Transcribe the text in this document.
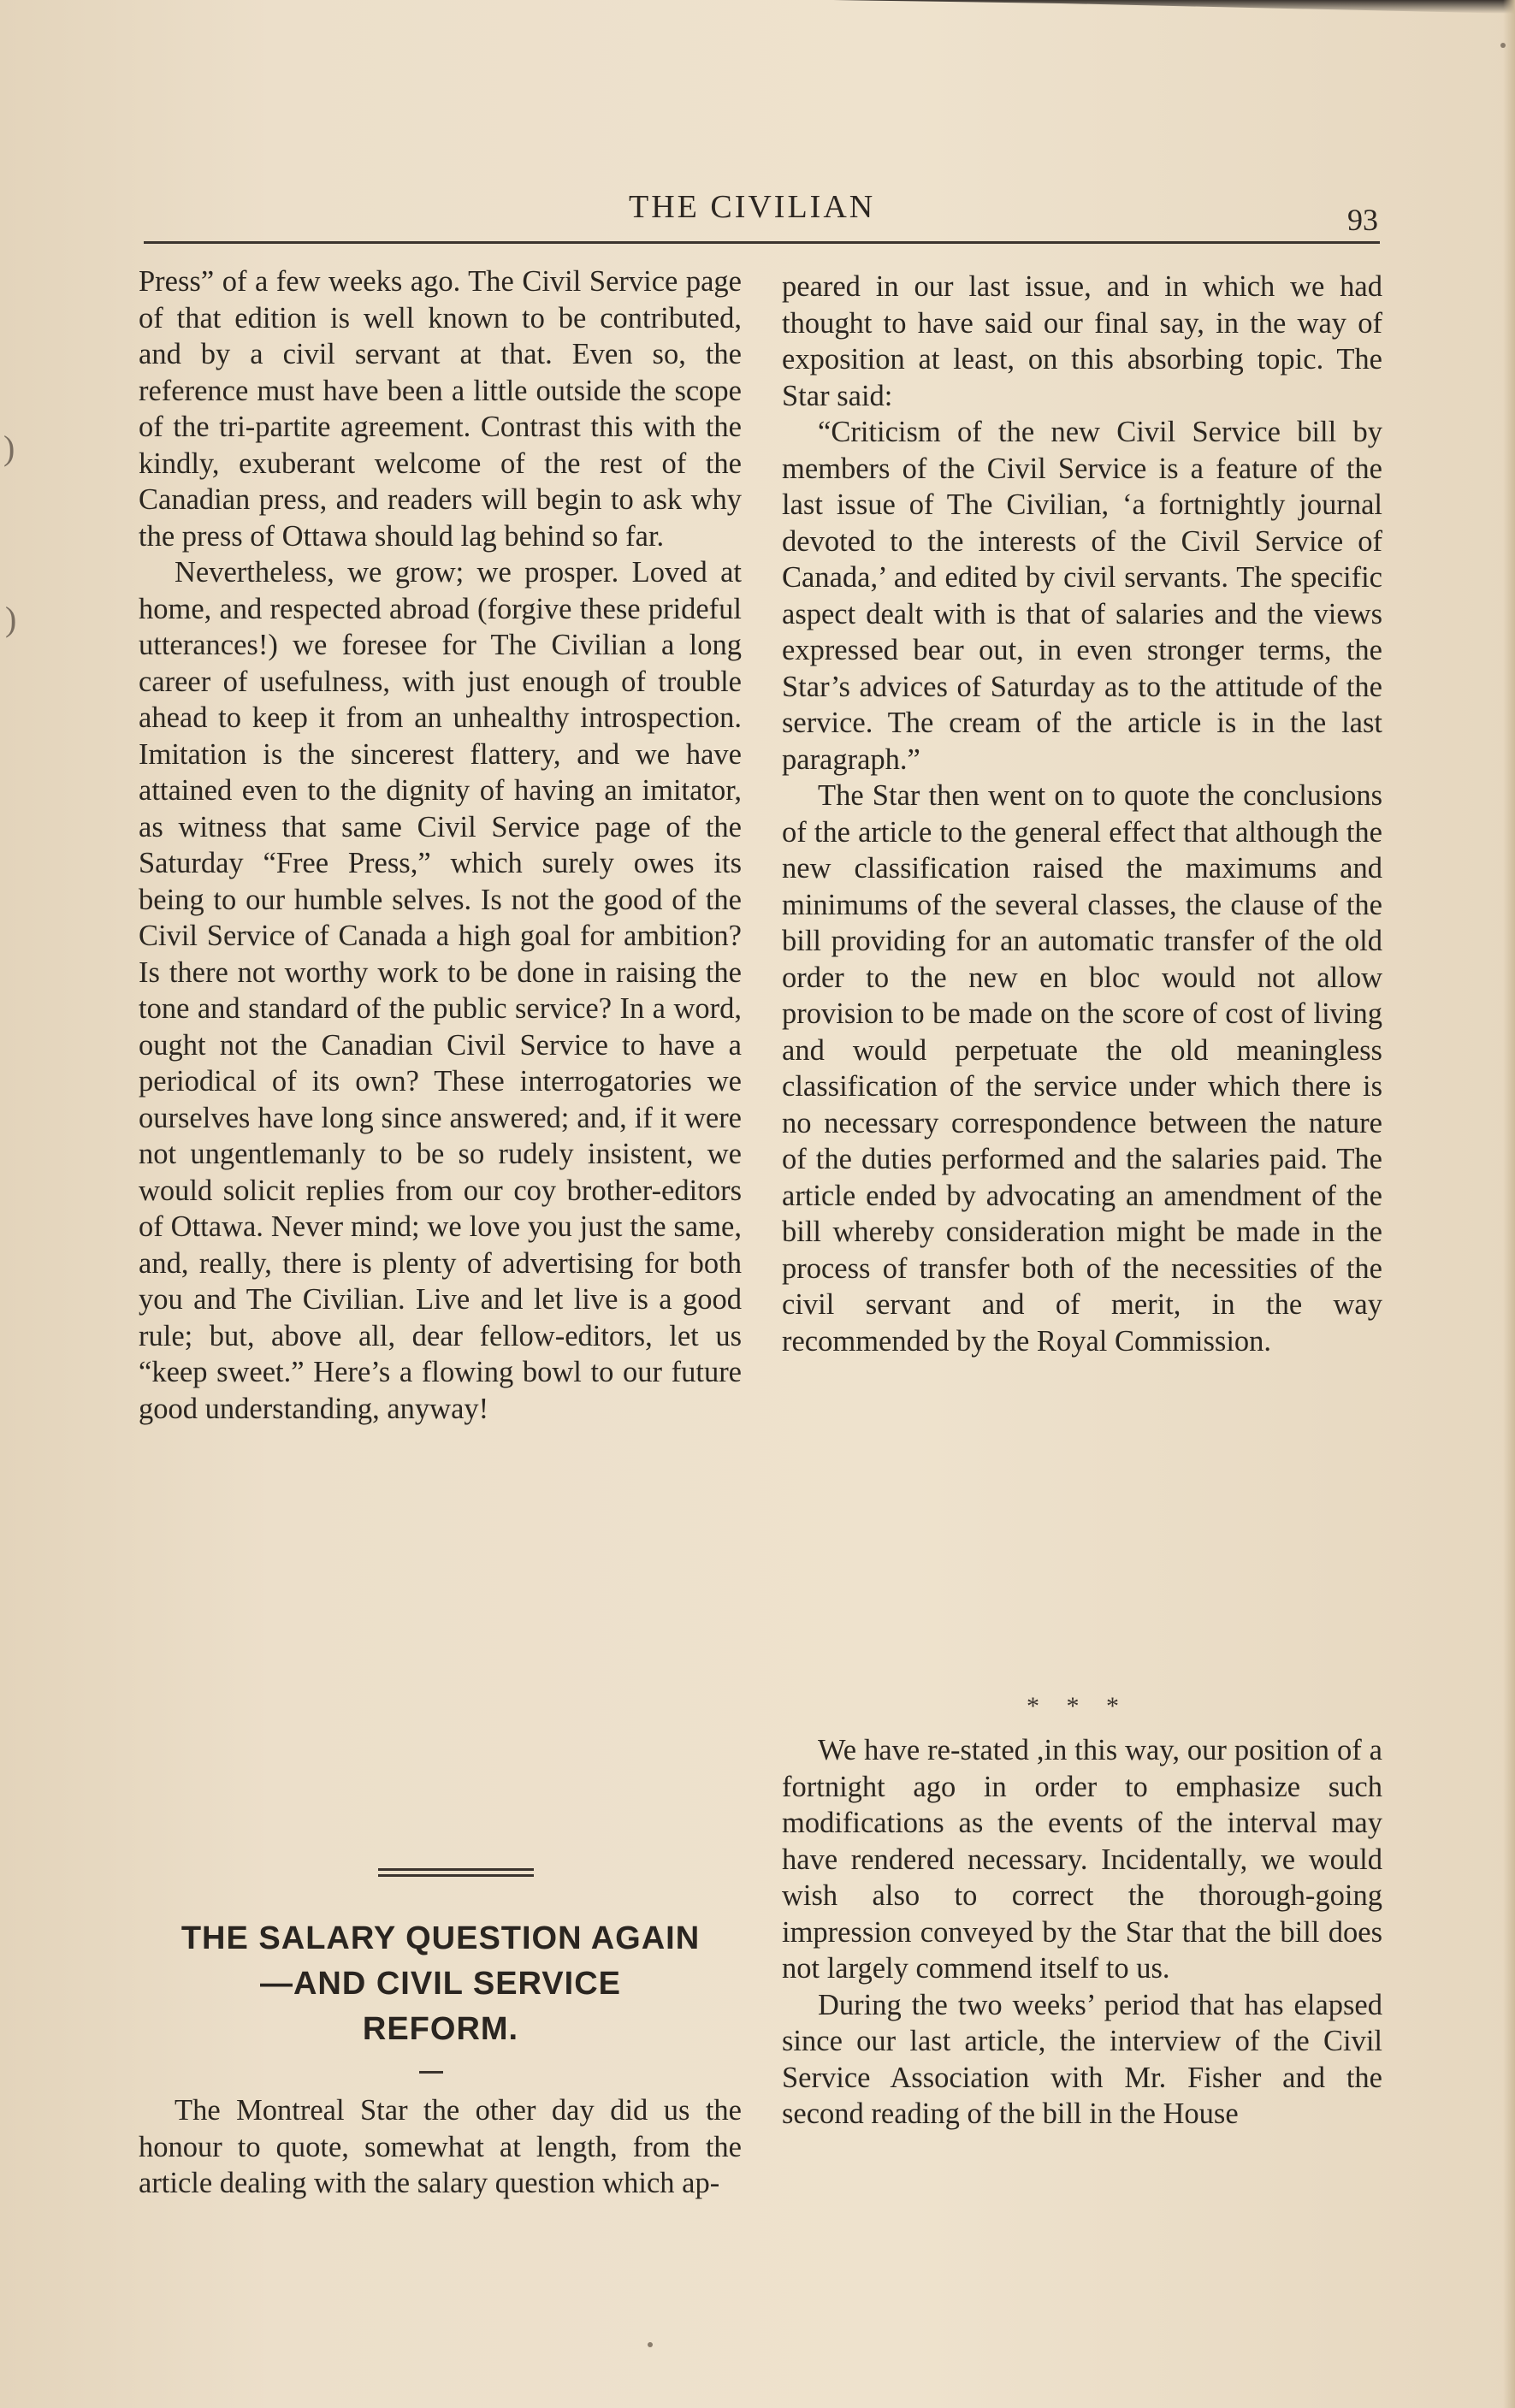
)
)
THE CIVILIAN	93

Press” of a few weeks ago. The Civil Service page of that edition is well known to be contributed, and by a civil servant at that. Even so, the reference must have been a little outside the scope of the tri-partite agreement. Contrast this with the kindly, exuberant welcome of the rest of the Canadian press, and readers will begin to ask why the press of Ottawa should lag behind so far.

Nevertheless, we grow; we prosper. Loved at home, and respected abroad (forgive these prideful utterances!) we foresee for The Civilian a long career of usefulness, with just enough of trouble ahead to keep it from an unhealthy introspection. Imitation is the sincerest flattery, and we have attained even to the dignity of having an imitator, as witness that same Civil Service page of the Saturday “Free Press,” which surely owes its being to our humble selves. Is not the good of the Civil Service of Canada a high goal for ambition? Is there not worthy work to be done in raising the tone and standard of the public service? In a word, ought not the Canadian Civil Service to have a periodical of its own? These interrogatories we ourselves have long since answered; and, if it were not ungentlemanly to be so rudely insistent, we would solicit replies from our coy brother-editors of Ottawa. Never mind; we love you just the same, and, really, there is plenty of advertising for both you and The Civilian. Live and let live is a good rule; but, above all, dear fellow-editors, let us “keep sweet.” Here’s a flowing bowl to our future good understanding, anyway!

THE SALARY QUESTION AGAIN
—AND CIVIL SERVICE
REFORM.

The Montreal Star the other day did us the honour to quote, somewhat at length, from the article dealing with the salary question which ap-

peared in our last issue, and in which we had thought to have said our final say, in the way of exposition at least, on this absorbing topic. The Star said:

“Criticism of the new Civil Service bill by members of the Civil Service is a feature of the last issue of The Civilian, ‘a fortnightly journal devoted to the interests of the Civil Service of Canada,’ and edited by civil servants. The specific aspect dealt with is that of salaries and the views expressed bear out, in even stronger terms, the Star’s advices of Saturday as to the attitude of the service. The cream of the article is in the last paragraph.”

The Star then went on to quote the conclusions of the article to the general effect that although the new classification raised the maximums and minimums of the several classes, the clause of the bill providing for an automatic transfer of the old order to the new en bloc would not allow provision to be made on the score of cost of living and would perpetuate the old meaningless classification of the service under which there is no necessary correspondence between the nature of the duties performed and the salaries paid. The article ended by advocating an amendment of the bill whereby consideration might be made in the process of transfer both of the necessities of the civil servant and of merit, in the way recommended by the Royal Commission.

* * *

We have re-stated ,in this way, our position of a fortnight ago in order to emphasize such modifications as the events of the interval may have rendered necessary. Incidentally, we would wish also to correct the thorough-going impression conveyed by the Star that the bill does not largely commend itself to us.

During the two weeks’ period that has elapsed since our last article, the interview of the Civil Service Association with Mr. Fisher and the second reading of the bill in the House
